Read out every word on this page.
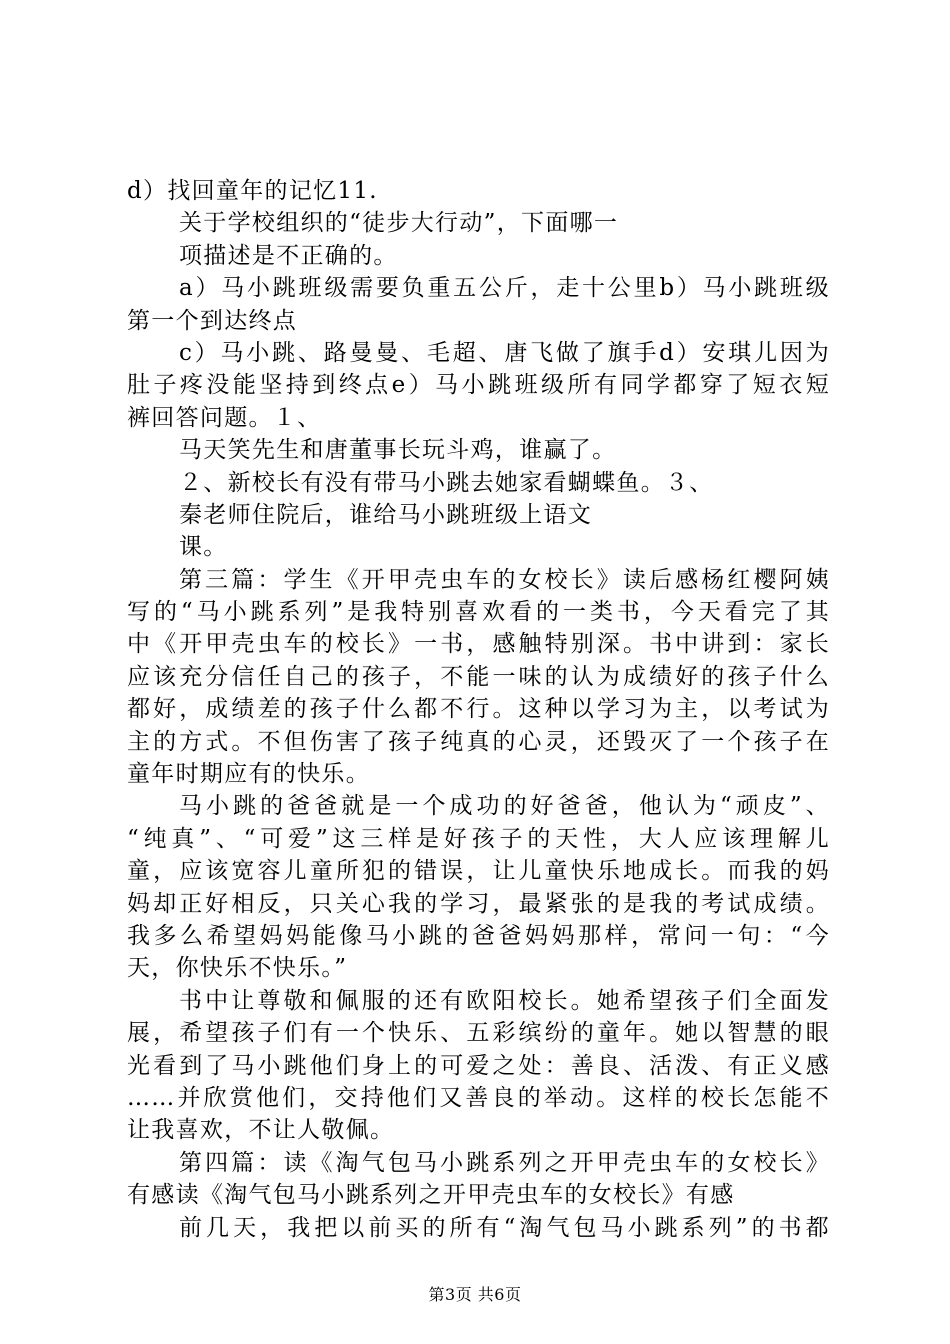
d）找回童年的记忆11.
关于学校组织的“徒步大行动”，下面哪一
项描述是不正确的。
a）马小跳班级需要负重五公斤，走十公里b）马小跳班级
第一个到达终点
c）马小跳、路曼曼、毛超、唐飞做了旗手d）安琪儿因为
肚子疼没能坚持到终点e）马小跳班级所有同学都穿了短衣短
裤回答问题。１、
马天笑先生和唐董事长玩斗鸡，谁赢了。
２、新校长有没有带马小跳去她家看蝴蝶鱼。３、
秦老师住院后，谁给马小跳班级上语文
课。
第三篇：学生《开甲壳虫车的女校长》读后感杨红樱阿姨
写的“马小跳系列”是我特别喜欢看的一类书，今天看完了其
中《开甲壳虫车的校长》一书，感触特别深。书中讲到：家长
应该充分信任自己的孩子，不能一味的认为成绩好的孩子什么
都好，成绩差的孩子什么都不行。这种以学习为主，以考试为
主的方式。不但伤害了孩子纯真的心灵，还毁灭了一个孩子在
童年时期应有的快乐。
马小跳的爸爸就是一个成功的好爸爸，他认为“顽皮”、
“纯真”、“可爱”这三样是好孩子的天性，大人应该理解儿
童，应该宽容儿童所犯的错误，让儿童快乐地成长。而我的妈
妈却正好相反，只关心我的学习，最紧张的是我的考试成绩。
我多么希望妈妈能像马小跳的爸爸妈妈那样，常问一句：“今
天，你快乐不快乐。”
书中让尊敬和佩服的还有欧阳校长。她希望孩子们全面发
展，希望孩子们有一个快乐、五彩缤纷的童年。她以智慧的眼
光看到了马小跳他们身上的可爱之处：善良、活泼、有正义感
……并欣赏他们，交持他们又善良的举动。这样的校长怎能不
让我喜欢，不让人敬佩。
第四篇：读《淘气包马小跳系列之开甲壳虫车的女校长》
有感读《淘气包马小跳系列之开甲壳虫车的女校长》有感
前几天，我把以前买的所有“淘气包马小跳系列”的书都
第3页 共6页
